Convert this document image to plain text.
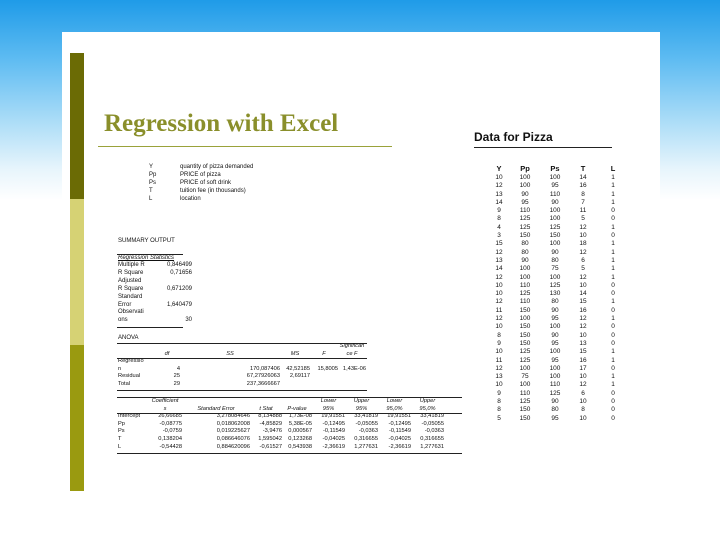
Regression with Excel	Data for Pizza
Y	quantity of pizza demanded
Pp	PRICE of pizza
Ps	PRICE of soft drink
T	tuition fee (in thousands)
L	location
SUMMARY OUTPUT
Regression Statistics
Multiple R	0,846499
R Square	0,71656
Adjusted
R Square	0,671209
Standard
Error	1,640479
Observati
ons	30
ANOVA
					Significan
	df	SS	MS	F	ce F
Regressio					
n	4	170,087406	42,52185	15,8005	1,43E-06
Residual	25	67,27926063	2,69117		
Total	29	237,3666667			
	Coefficient				Lower	Upper	Lower	Upper
	s	Standard Error	t Stat	P-value	95%	95%	95,0%	95,0%
Intercept	26,66685	3,278084646	8,134888	1,73E-08	19,91551	33,41819	19,91551	33,41819
Pp	-0,08775	0,018062008	-4,85829	5,38E-05	-0,12495	-0,05055	-0,12495	-0,05055
Ps	-0,0759	0,019225627	-3,9476	0,000567	-0,11549	-0,0363	-0,11549	-0,0363
T	0,138204	0,086646076	1,595042	0,123268	-0,04025	0,316655	-0,04025	0,316655
L	-0,54428	0,884620096	-0,61527	0,543938	-2,36619	1,277631	-2,36619	1,277631
Y	Pp	Ps	T	L
10	100	100	14	1
12	100	95	16	1
13	90	110	8	1
14	95	90	7	1
9	110	100	11	0
8	125	100	5	0
4	125	125	12	1
3	150	150	10	0
15	80	100	18	1
12	80	90	12	1
13	90	80	6	1
14	100	75	5	1
12	100	100	12	1
10	110	125	10	0
10	125	130	14	0
12	110	80	15	1
11	150	90	16	0
12	100	95	12	1
10	150	100	12	0
8	150	90	10	0
9	150	95	13	0
10	125	100	15	1
11	125	95	16	1
12	100	100	17	0
13	75	100	10	1
10	100	110	12	1
9	110	125	6	0
8	125	90	10	0
8	150	80	8	0
5	150	95	10	0
